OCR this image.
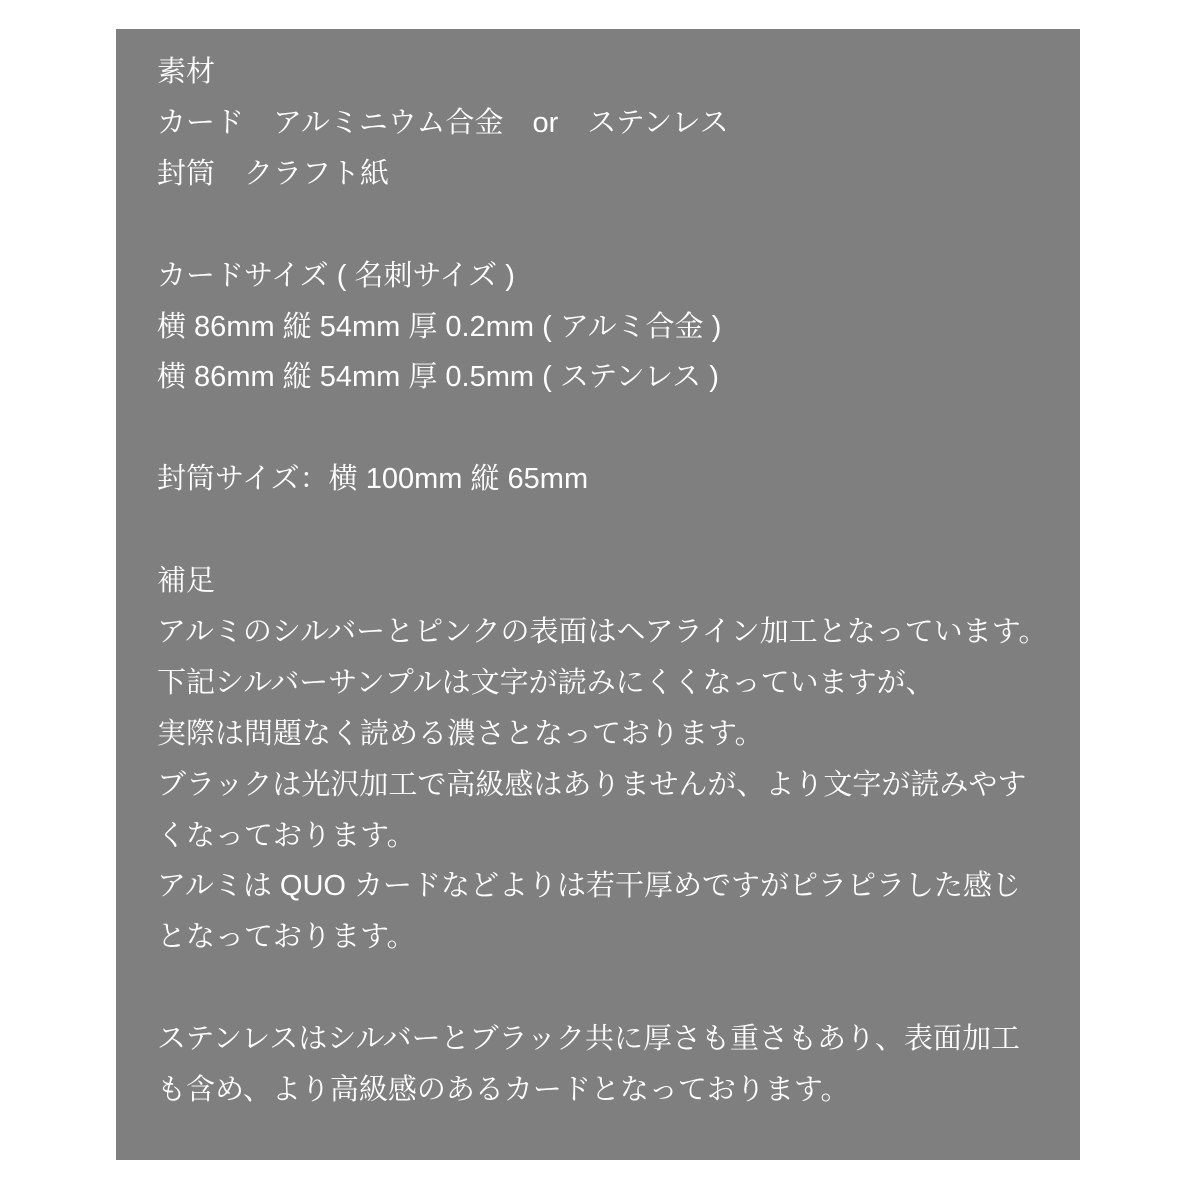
素材
カード　アルミニウム合金　or　ステンレス
封筒　クラフト紙
カードサイズ ( 名刺サイズ )
横 86mm 縦 54mm 厚 0.2mm ( アルミ合金 )
横 86mm 縦 54mm 厚 0.5mm ( ステンレス )
封筒サイズ：横 100mm 縦 65mm
補足
アルミのシルバーとピンクの表面はヘアライン加工となっています。
下記シルバーサンプルは文字が読みにくくなっていますが、
実際は問題なく読める濃さとなっております。
ブラックは光沢加工で高級感はありませんが、より文字が読みやす
くなっております。
アルミは QUO カードなどよりは若干厚めですがピラピラした感じ
となっております。
ステンレスはシルバーとブラック共に厚さも重さもあり、表面加工
も含め、より高級感のあるカードとなっております。
